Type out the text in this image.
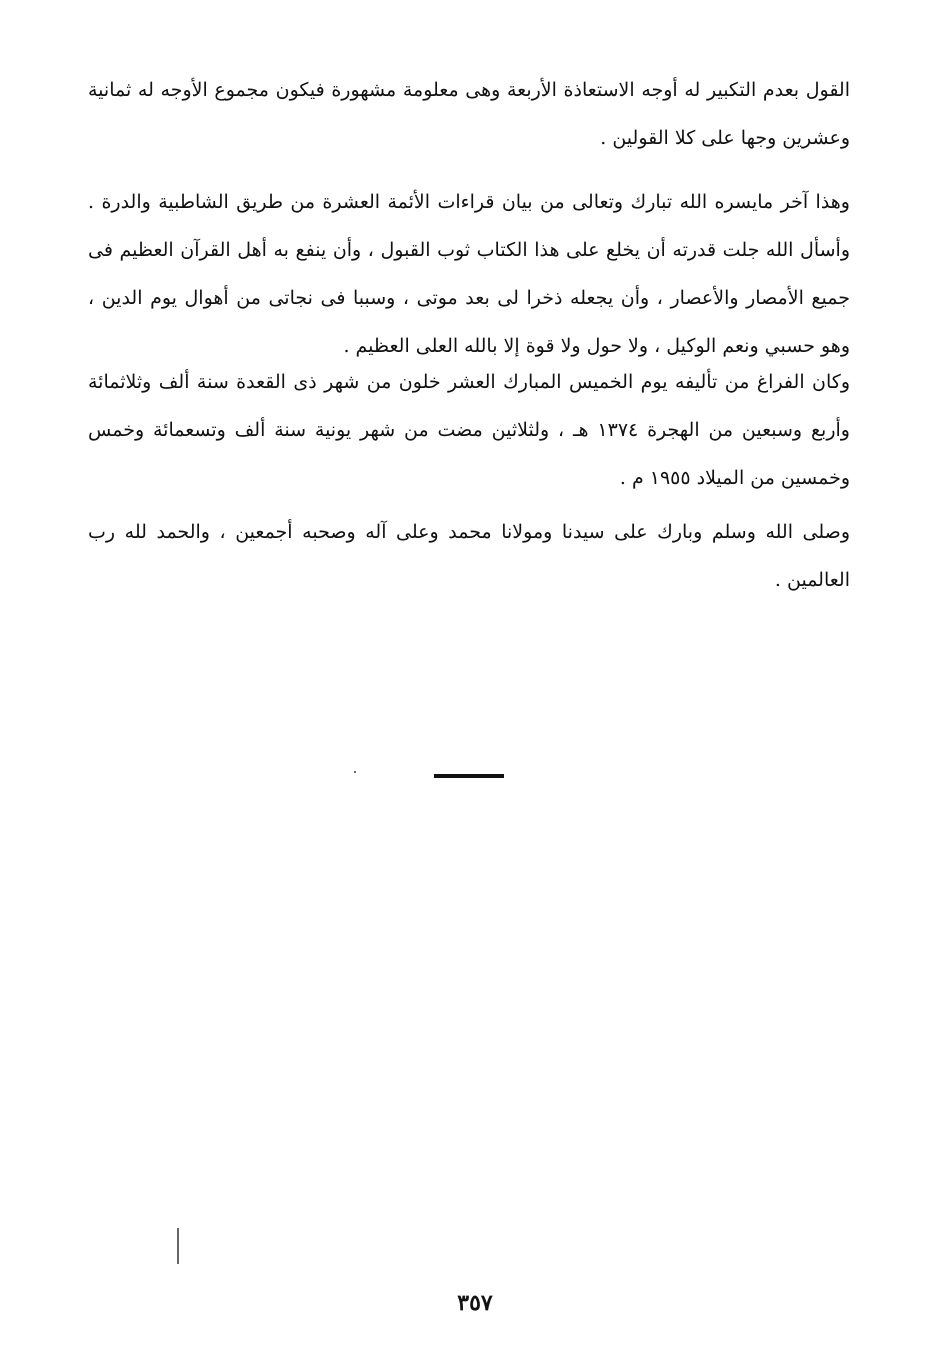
القول بعدم التكبير له أوجه الاستعاذة الأربعة وهى معلومة مشهورة فيكون مجموع الأوجه له ثمانية وعشرين وجها على كلا القولين .

وهذا آخر مايسره الله تبارك وتعالى من بيان قراءات الأئمة العشرة من طريق الشاطبية والدرة . وأسأل الله جلت قدرته أن يخلع على هذا الكتاب ثوب القبول ، وأن ينفع به أهل القرآن العظيم فى جميع الأمصار والأعصار ، وأن يجعله ذخرا لى بعد موتى ، وسببا فى نجاتى من أهوال يوم الدين ، وهو حسبي ونعم الوكيل ، ولا حول ولا قوة إلا بالله العلى العظيم .

وكان الفراغ من تأليفه يوم الخميس المبارك العشر خلون من شهر ذى القعدة سنة ألف وثلاثمائة وأربع وسبعين من الهجرة ١٣٧٤ هـ ، ولثلاثين مضت من شهر يونية سنة ألف وتسعمائة وخمس وخمسين من الميلاد ١٩٥٥ م .

وصلى الله وسلم وبارك على سيدنا ومولانا محمد وعلى آله وصحبه أجمعين ، والحمد لله رب العالمين .

٣٥٧
